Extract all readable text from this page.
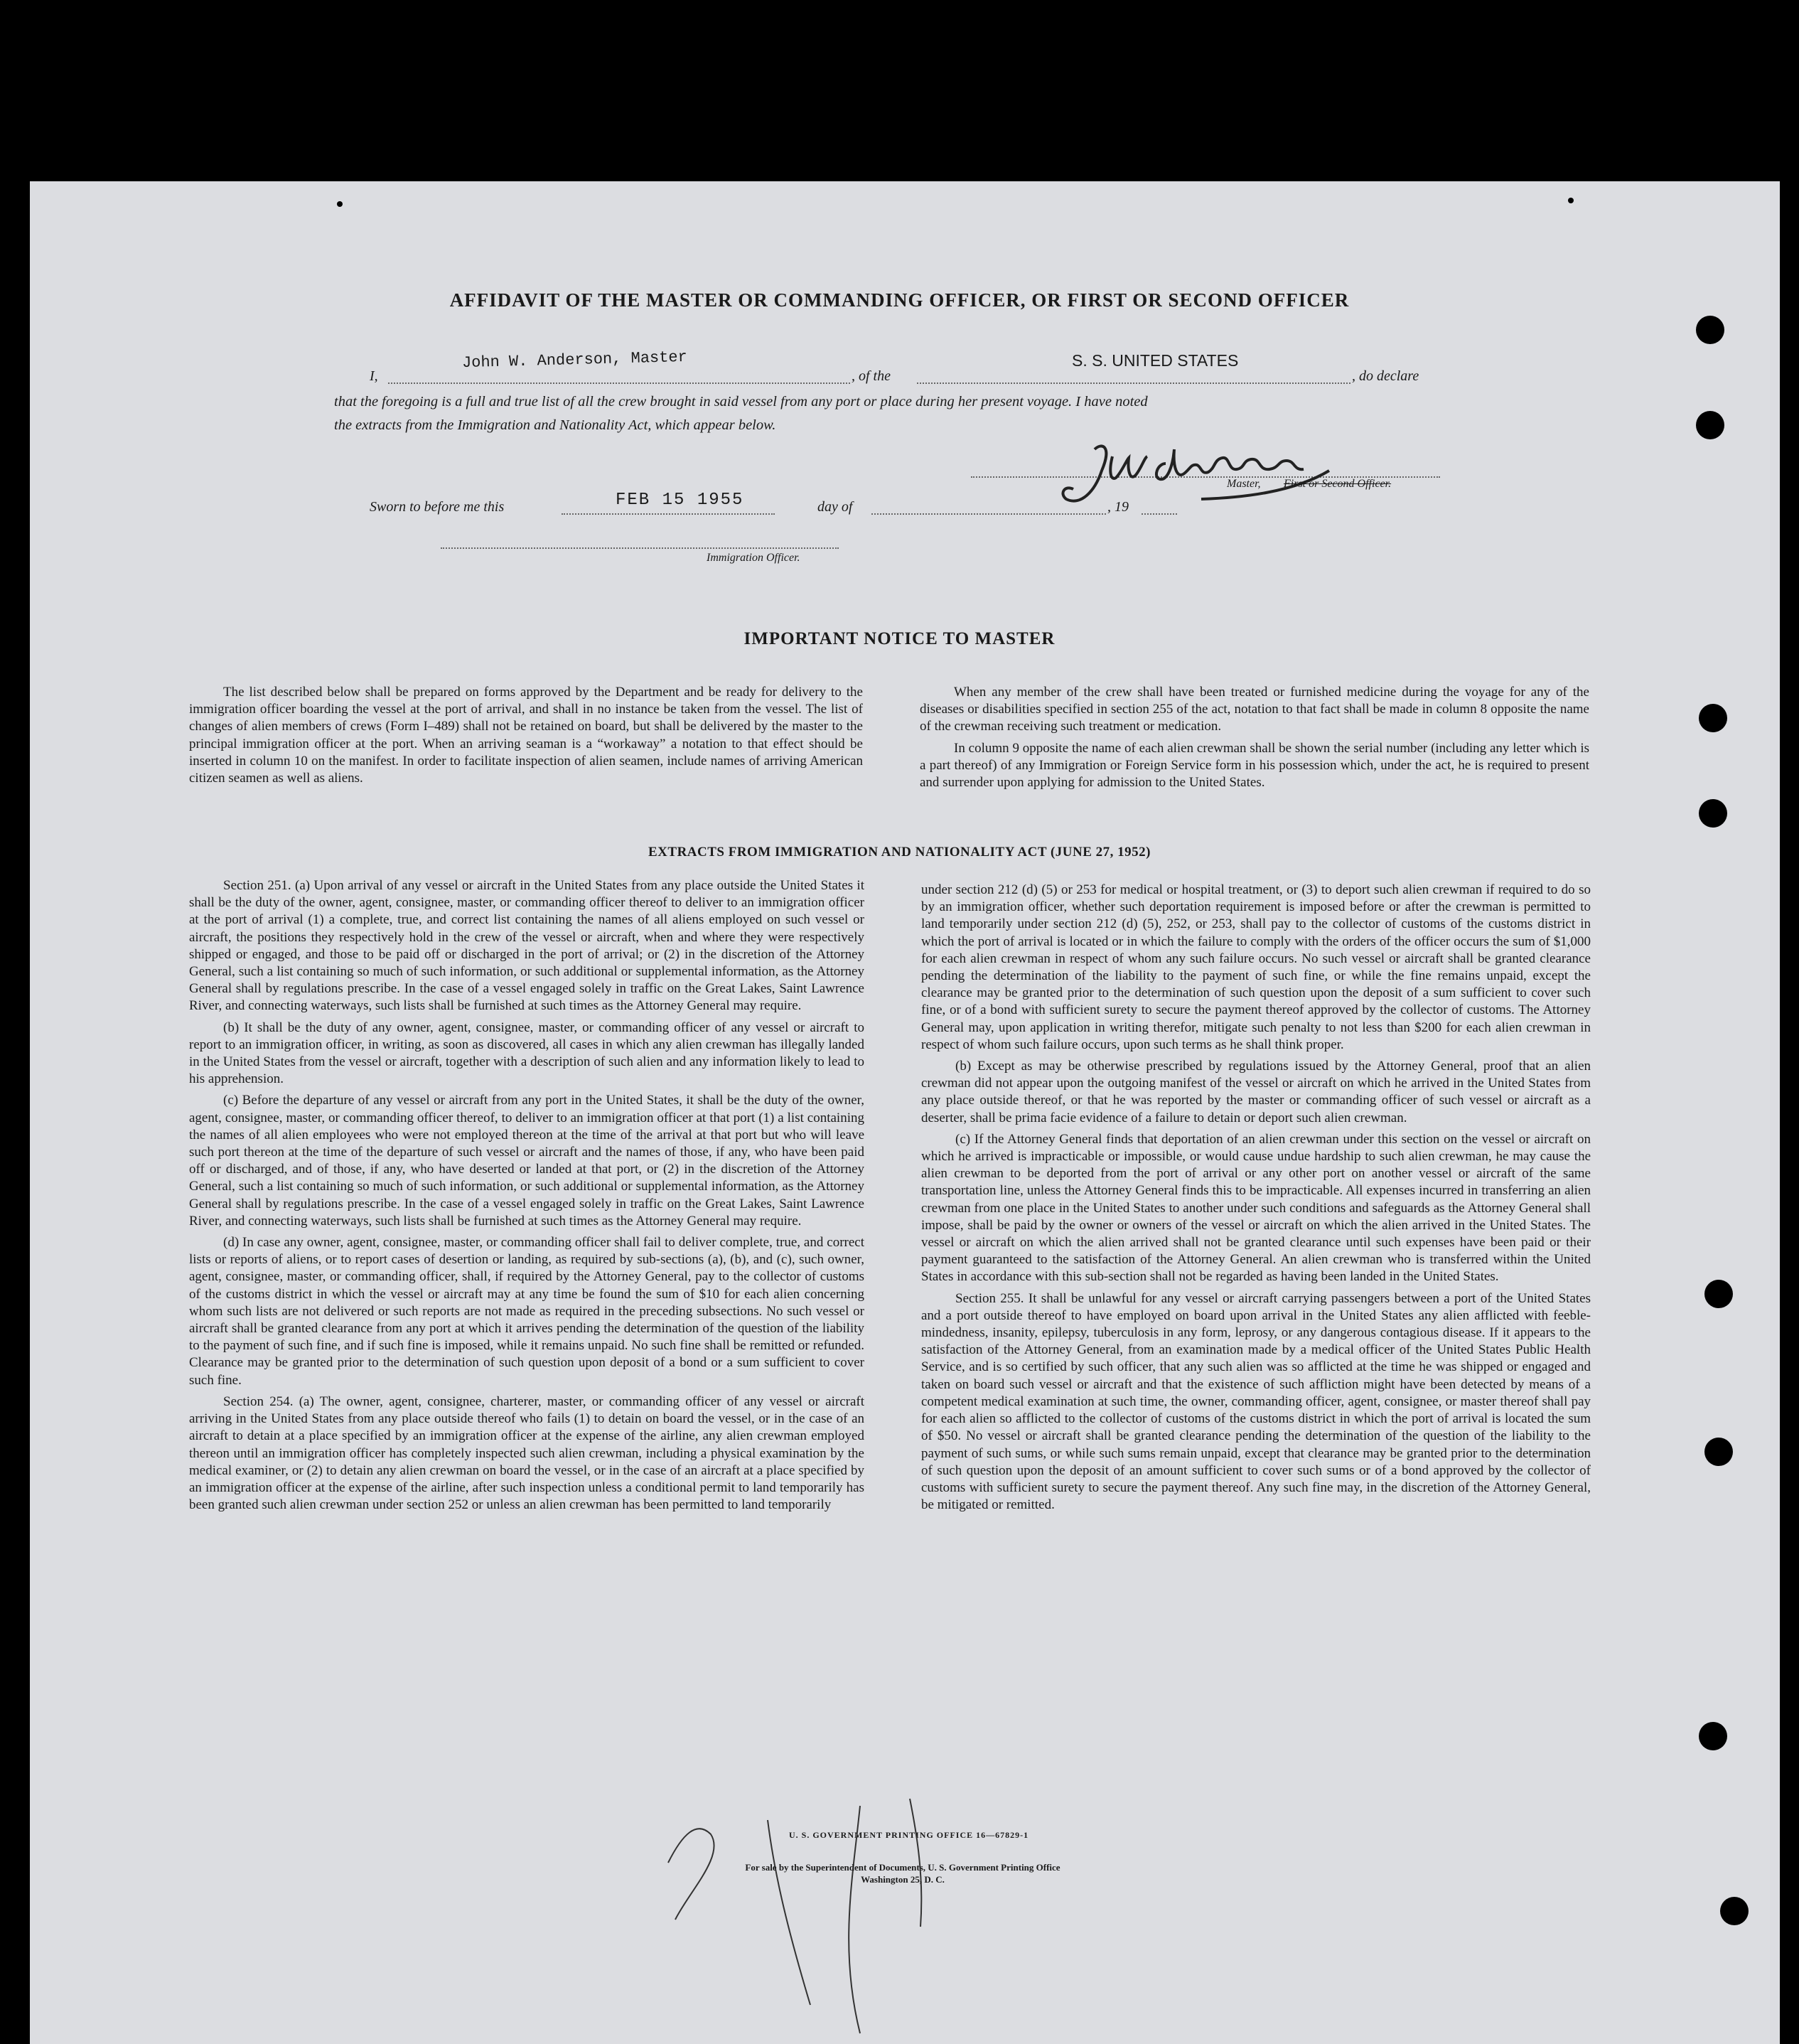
AFFIDAVIT OF THE MASTER OR COMMANDING OFFICER, OR FIRST OR SECOND OFFICER
I,
John W. Anderson, Master
, of the
S. S. UNITED STATES
, do declare
that the foregoing is a full and true list of all the crew brought in said vessel from any port or place during her present voyage. I have noted
the extracts from the Immigration and Nationality Act, which appear below.
Master, First or Second Officer.
Sworn to before me this	FEB 15 1955	day of	, 19
Immigration Officer.
IMPORTANT NOTICE TO MASTER

The list described below shall be prepared on forms approved by the Department and be ready for delivery to the immigration officer boarding the vessel at the port of arrival, and shall in no instance be taken from the vessel. The list of changes of alien members of crews (Form I–489) shall not be retained on board, but shall be delivered by the master to the principal immigration officer at the port. When an arriving seaman is a “workaway” a notation to that effect should be inserted in column 10 on the manifest. In order to facilitate inspection of alien seamen, include names of arriving American citizen seamen as well as aliens.

When any member of the crew shall have been treated or furnished medicine during the voyage for any of the diseases or disabilities specified in section 255 of the act, notation to that fact shall be made in column 8 opposite the name of the crewman receiving such treatment or medication.

In column 9 opposite the name of each alien crewman shall be shown the serial number (including any letter which is a part thereof) of any Immigration or Foreign Service form in his possession which, under the act, he is required to present and surrender upon applying for admission to the United States.

EXTRACTS FROM IMMIGRATION AND NATIONALITY ACT (JUNE 27, 1952)

Section 251. (a) Upon arrival of any vessel or aircraft in the United States from any place outside the United States it shall be the duty of the owner, agent, consignee, master, or commanding officer thereof to deliver to an immigration officer at the port of arrival (1) a complete, true, and correct list containing the names of all aliens employed on such vessel or aircraft, the positions they respectively hold in the crew of the vessel or aircraft, when and where they were respectively shipped or engaged, and those to be paid off or discharged in the port of arrival; or (2) in the discretion of the Attorney General, such a list containing so much of such information, or such additional or supplemental information, as the Attorney General shall by regulations prescribe. In the case of a vessel engaged solely in traffic on the Great Lakes, Saint Lawrence River, and connecting waterways, such lists shall be furnished at such times as the Attorney General may require.

(b) It shall be the duty of any owner, agent, consignee, master, or commanding officer of any vessel or aircraft to report to an immigration officer, in writing, as soon as discovered, all cases in which any alien crewman has illegally landed in the United States from the vessel or aircraft, together with a description of such alien and any information likely to lead to his apprehension.

(c) Before the departure of any vessel or aircraft from any port in the United States, it shall be the duty of the owner, agent, consignee, master, or commanding officer thereof, to deliver to an immigration officer at that port (1) a list containing the names of all alien employees who were not employed thereon at the time of the arrival at that port but who will leave such port thereon at the time of the departure of such vessel or aircraft and the names of those, if any, who have been paid off or discharged, and of those, if any, who have deserted or landed at that port, or (2) in the discretion of the Attorney General, such a list containing so much of such information, or such additional or supplemental information, as the Attorney General shall by regulations prescribe. In the case of a vessel engaged solely in traffic on the Great Lakes, Saint Lawrence River, and connecting waterways, such lists shall be furnished at such times as the Attorney General may require.

(d) In case any owner, agent, consignee, master, or commanding officer shall fail to deliver complete, true, and correct lists or reports of aliens, or to report cases of desertion or landing, as required by sub-sections (a), (b), and (c), such owner, agent, consignee, master, or commanding officer, shall, if required by the Attorney General, pay to the collector of customs of the customs district in which the vessel or aircraft may at any time be found the sum of $10 for each alien concerning whom such lists are not delivered or such reports are not made as required in the preceding subsections. No such vessel or aircraft shall be granted clearance from any port at which it arrives pending the determination of the question of the liability to the payment of such fine, and if such fine is imposed, while it remains unpaid. No such fine shall be remitted or refunded. Clearance may be granted prior to the determination of such question upon deposit of a bond or a sum sufficient to cover such fine.

Section 254. (a) The owner, agent, consignee, charterer, master, or commanding officer of any vessel or aircraft arriving in the United States from any place outside thereof who fails (1) to detain on board the vessel, or in the case of an aircraft to detain at a place specified by an immigration officer at the expense of the airline, any alien crewman employed thereon until an immigration officer has completely inspected such alien crewman, including a physical examination by the medical examiner, or (2) to detain any alien crewman on board the vessel, or in the case of an aircraft at a place specified by an immigration officer at the expense of the airline, after such inspection unless a conditional permit to land temporarily has been granted such alien crewman under section 252 or unless an alien crewman has been permitted to land temporarily

under section 212 (d) (5) or 253 for medical or hospital treatment, or (3) to deport such alien crewman if required to do so by an immigration officer, whether such deportation requirement is imposed before or after the crewman is permitted to land temporarily under section 212 (d) (5), 252, or 253, shall pay to the collector of customs of the customs district in which the port of arrival is located or in which the failure to comply with the orders of the officer occurs the sum of $1,000 for each alien crewman in respect of whom any such failure occurs. No such vessel or aircraft shall be granted clearance pending the determination of the liability to the payment of such fine, or while the fine remains unpaid, except the clearance may be granted prior to the determination of such question upon the deposit of a sum sufficient to cover such fine, or of a bond with sufficient surety to secure the payment thereof approved by the collector of customs. The Attorney General may, upon application in writing therefor, mitigate such penalty to not less than $200 for each alien crewman in respect of whom such failure occurs, upon such terms as he shall think proper.

(b) Except as may be otherwise prescribed by regulations issued by the Attorney General, proof that an alien crewman did not appear upon the outgoing manifest of the vessel or aircraft on which he arrived in the United States from any place outside thereof, or that he was reported by the master or commanding officer of such vessel or aircraft as a deserter, shall be prima facie evidence of a failure to detain or deport such alien crewman.

(c) If the Attorney General finds that deportation of an alien crewman under this section on the vessel or aircraft on which he arrived is impracticable or impossible, or would cause undue hardship to such alien crewman, he may cause the alien crewman to be deported from the port of arrival or any other port on another vessel or aircraft of the same transportation line, unless the Attorney General finds this to be impracticable. All expenses incurred in transferring an alien crewman from one place in the United States to another under such conditions and safeguards as the Attorney General shall impose, shall be paid by the owner or owners of the vessel or aircraft on which the alien arrived in the United States. The vessel or aircraft on which the alien arrived shall not be granted clearance until such expenses have been paid or their payment guaranteed to the satisfaction of the Attorney General. An alien crewman who is transferred within the United States in accordance with this sub-section shall not be regarded as having been landed in the United States.

Section 255. It shall be unlawful for any vessel or aircraft carrying passengers between a port of the United States and a port outside thereof to have employed on board upon arrival in the United States any alien afflicted with feeble-mindedness, insanity, epilepsy, tuberculosis in any form, leprosy, or any dangerous contagious disease. If it appears to the satisfaction of the Attorney General, from an examination made by a medical officer of the United States Public Health Service, and is so certified by such officer, that any such alien was so afflicted at the time he was shipped or engaged and taken on board such vessel or aircraft and that the existence of such affliction might have been detected by means of a competent medical examination at such time, the owner, commanding officer, agent, consignee, or master thereof shall pay for each alien so afflicted to the collector of customs of the customs district in which the port of arrival is located the sum of $50. No vessel or aircraft shall be granted clearance pending the determination of the question of the liability to the payment of such sums, or while such sums remain unpaid, except that clearance may be granted prior to the determination of such question upon the deposit of an amount sufficient to cover such sums or of a bond approved by the collector of customs with sufficient surety to secure the payment thereof. Any such fine may, in the discretion of the Attorney General, be mitigated or remitted.

U. S. GOVERNMENT PRINTING OFFICE 16—67829-1
For sale by the Superintendent of Documents, U. S. Government Printing Office
Washington 25, D. C.
